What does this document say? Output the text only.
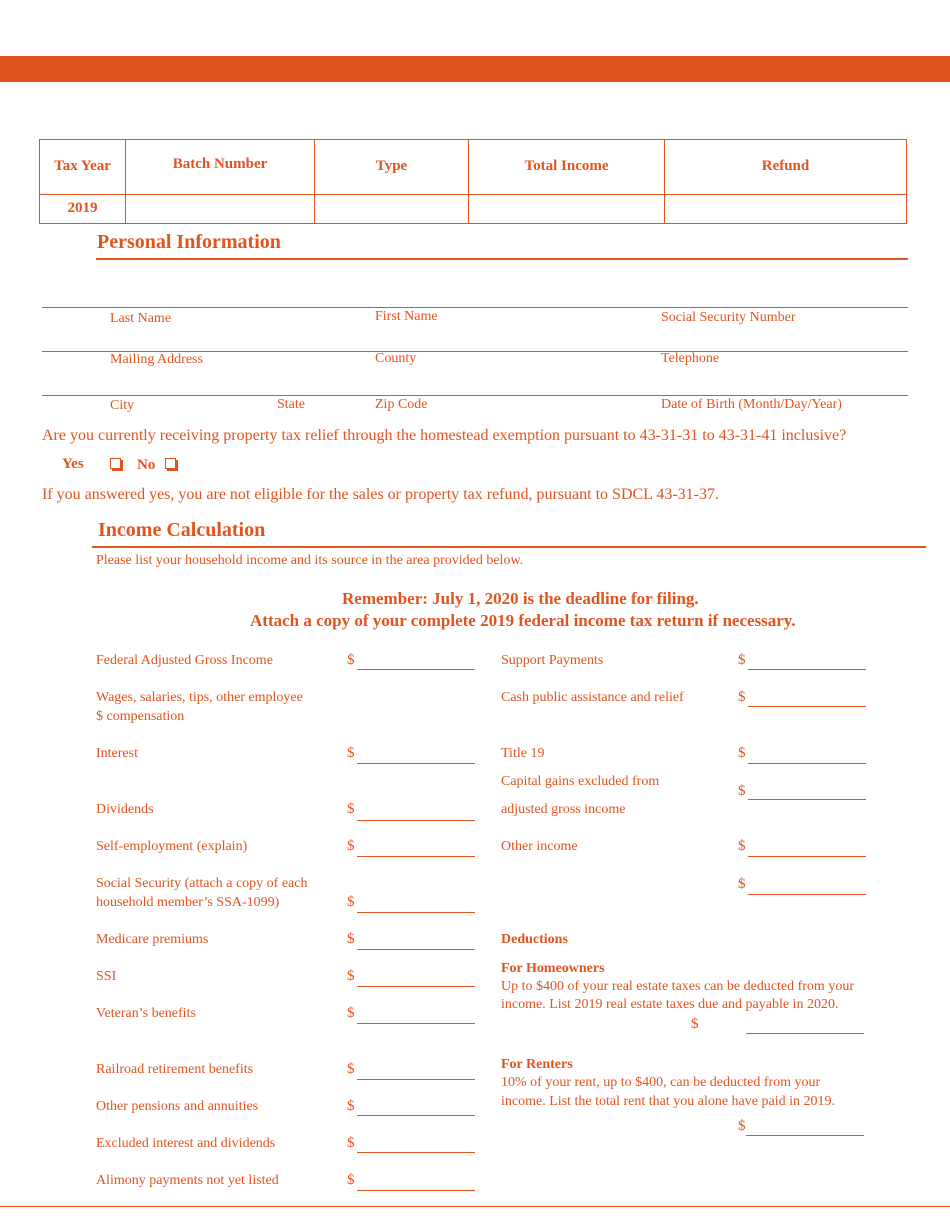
Tax Year	Batch Number	Type	Total Income	Refund
2019				
Personal Information
Last Name	First Name	Social Security Number
Mailing Address	County	Telephone
City	State	Zip Code	Date of Birth (Month/Day/Year)
Are you currently receiving property tax relief through the homestead exemption pursuant to 43-31-31 to 43-31-41 inclusive?
Yes	No
If you answered yes, you are not eligible for the sales or property tax refund, pursuant to SDCL 43-31-37.
Income Calculation
Please list your household income and its source in the area provided below.
Remember: July 1, 2020 is the deadline for filing.
Attach a copy of your complete 2019 federal income tax return if necessary.
Federal Adjusted Gross Income	$
Wages, salaries, tips, other employee
$ compensation
Interest	$
Dividends	$
Self-employment (explain)	$
Social Security (attach a copy of each
household member’s SSA-1099)	$
Medicare premiums	$
SSI	$
Veteran’s benefits	$
Railroad retirement benefits	$
Other pensions and annuities	$
Excluded interest and dividends	$
Alimony payments not yet listed	$
Support Payments	$
Cash public assistance and relief	$
Title 19	$
Capital gains excluded from
adjusted gross income
$
Other income	$
$
Deductions
For Homeowners
Up to $400 of your real estate taxes can be deducted from your
income. List 2019 real estate taxes due and payable in 2020.
$
For Renters
10% of your rent, up to $400, can be deducted from your
income. List the total rent that you alone have paid in 2019.
$
